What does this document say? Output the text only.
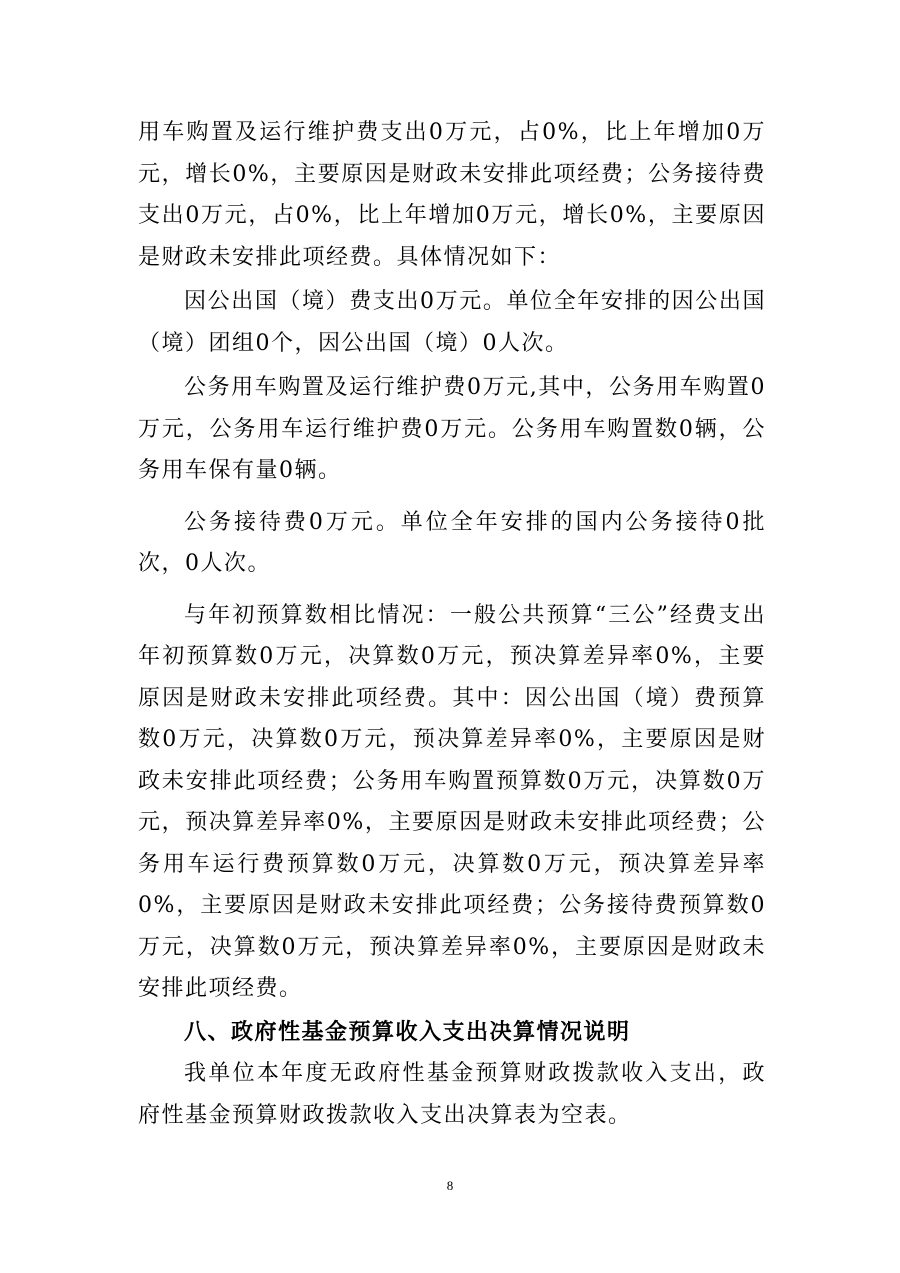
用车购置及运行维护费支出0万元，占0%，比上年增加0万元，增长0%，主要原因是财政未安排此项经费；公务接待费支出0万元，占0%，比上年增加0万元，增长0%，主要原因是财政未安排此项经费。具体情况如下：

因公出国（境）费支出0万元。单位全年安排的因公出国（境）团组0个，因公出国（境）0人次。

公务用车购置及运行维护费0万元,其中，公务用车购置0万元，公务用车运行维护费0万元。公务用车购置数0辆，公务用车保有量0辆。

公务接待费0万元。单位全年安排的国内公务接待0批次，0人次。

与年初预算数相比情况：一般公共预算“三公”经费支出年初预算数0万元，决算数0万元，预决算差异率0%，主要原因是财政未安排此项经费。其中：因公出国（境）费预算数0万元，决算数0万元，预决算差异率0%，主要原因是财政未安排此项经费；公务用车购置预算数0万元，决算数0万元，预决算差异率0%，主要原因是财政未安排此项经费；公务用车运行费预算数0万元，决算数0万元，预决算差异率0%，主要原因是财政未安排此项经费；公务接待费预算数0万元，决算数0万元，预决算差异率0%，主要原因是财政未安排此项经费。

八、政府性基金预算收入支出决算情况说明

我单位本年度无政府性基金预算财政拨款收入支出，政府性基金预算财政拨款收入支出决算表为空表。

8
